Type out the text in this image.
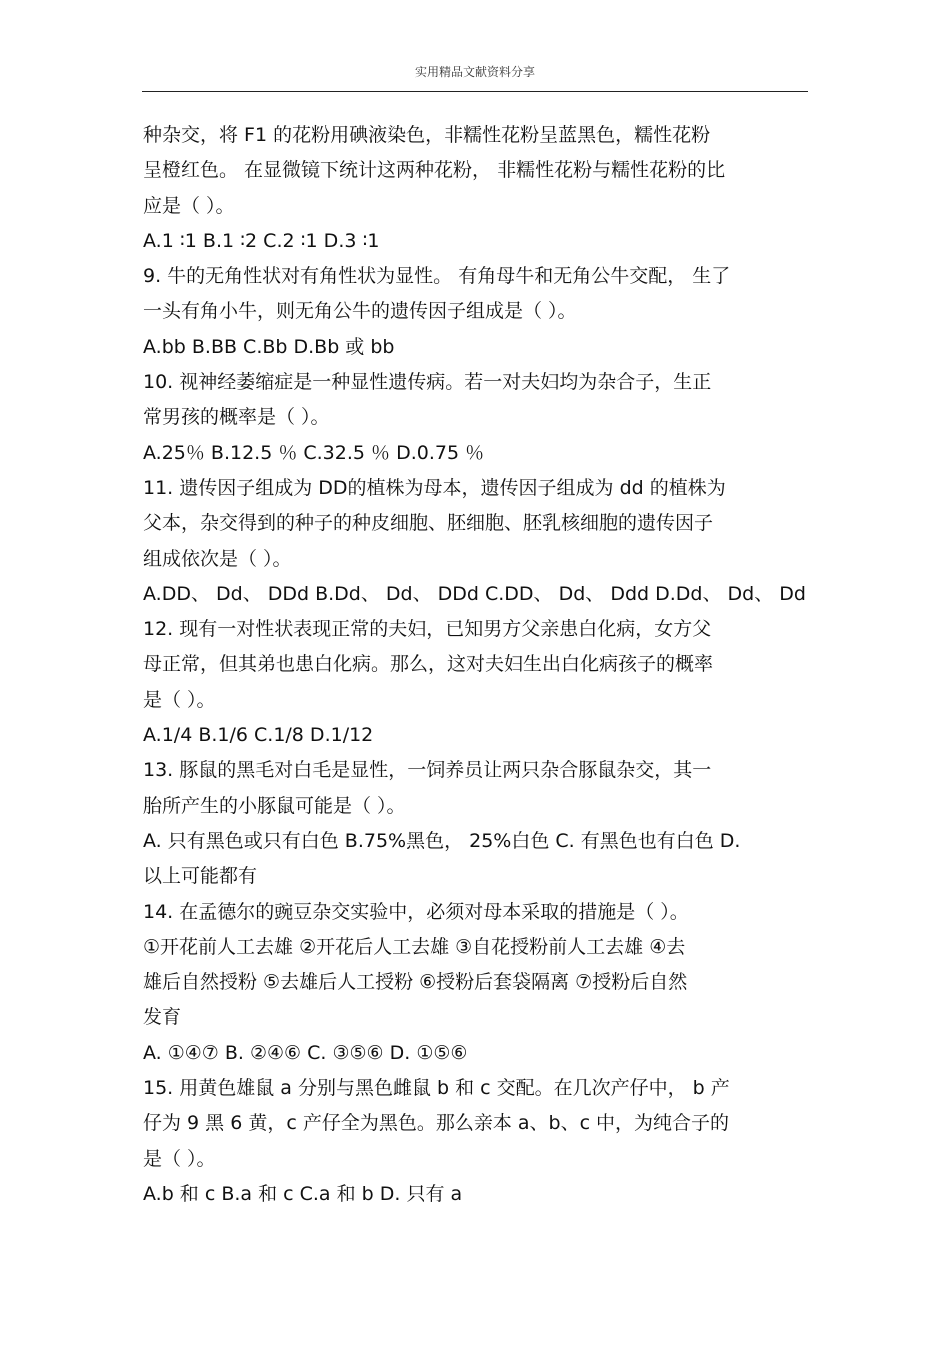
实用精品文献资料分享
种杂交，将 F1 的花粉用碘液染色，非糯性花粉呈蓝黑色，糯性花粉
呈橙红色。 在显微镜下统计这两种花粉， 非糯性花粉与糯性花粉的比
应是（ ）。
A.1 ∶1 B.1 ∶2 C.2 ∶1 D.3 ∶1
9. 牛的无角性状对有角性状为显性。 有角母牛和无角公牛交配， 生了
一头有角小牛，则无角公牛的遗传因子组成是（ ）。
A.bb B.BB C.Bb D.Bb 或 bb
10. 视神经萎缩症是一种显性遗传病。若一对夫妇均为杂合子，生正
常男孩的概率是（ ）。
A.25％ B.12.5 ％ C.32.5 ％ D.0.75 ％
11. 遗传因子组成为 DD的植株为母本，遗传因子组成为 dd 的植株为
父本，杂交得到的种子的种皮细胞、胚细胞、胚乳核细胞的遗传因子
组成依次是（ ）。
A.DD、 Dd、 DDd B.Dd、 Dd、 DDd C.DD、 Dd、 Ddd D.Dd、 Dd、 Dd
12. 现有一对性状表现正常的夫妇，已知男方父亲患白化病，女方父
母正常，但其弟也患白化病。那么，这对夫妇生出白化病孩子的概率
是（ ）。
A.1/4 B.1/6 C.1/8 D.1/12
13. 豚鼠的黑毛对白毛是显性，一饲养员让两只杂合豚鼠杂交，其一
胎所产生的小豚鼠可能是（ ）。
A. 只有黑色或只有白色 B.75%黑色， 25%白色 C. 有黑色也有白色 D.
以上可能都有
14. 在孟德尔的豌豆杂交实验中，必须对母本采取的措施是（ ）。
①开花前人工去雄 ②开花后人工去雄 ③自花授粉前人工去雄 ④去
雄后自然授粉 ⑤去雄后人工授粉 ⑥授粉后套袋隔离 ⑦授粉后自然
发育
A. ①④⑦ B. ②④⑥ C. ③⑤⑥ D. ①⑤⑥
15. 用黄色雄鼠 a 分别与黑色雌鼠 b 和 c 交配。在几次产仔中， b 产
仔为 9 黑 6 黄，c 产仔全为黑色。那么亲本 a、b、c 中，为纯合子的
是（ ）。
A.b 和 c B.a 和 c C.a 和 b D. 只有 a
